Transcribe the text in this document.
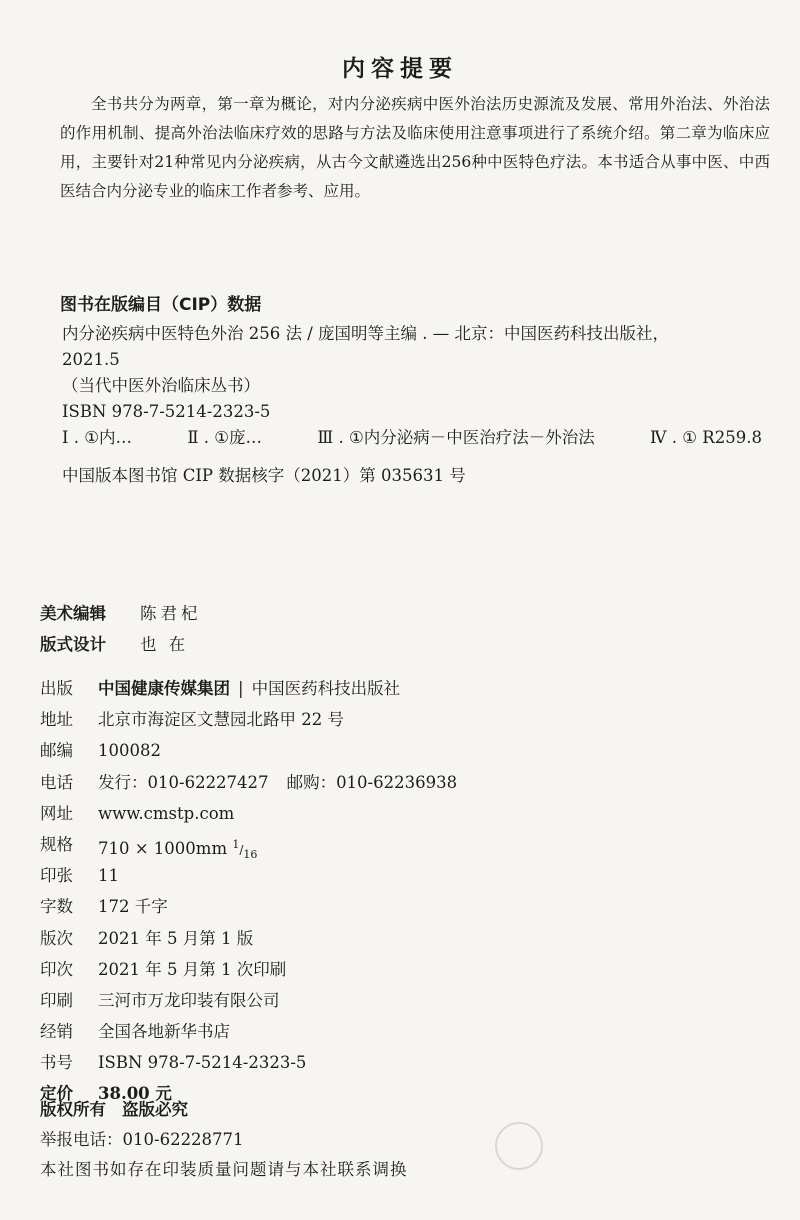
内容提要

全书共分为两章，第一章为概论，对内分泌疾病中医外治法历史源流及发展、常用外治法、外治法的作用机制、提高外治法临床疗效的思路与方法及临床使用注意事项进行了系统介绍。第二章为临床应用，主要针对21种常见内分泌疾病，从古今文献遴选出256种中医特色疗法。本书适合从事中医、中西医结合内分泌专业的临床工作者参考、应用。

图书在版编目（CIP）数据
内分泌疾病中医特色外治 256 法 / 庞国明等主编 . — 北京：中国医药科技出版社，
2021.5
（当代中医外治临床丛书）
ISBN 978-7-5214-2323-5
Ⅰ . ①内…	Ⅱ . ①庞…	Ⅲ . ①内分泌病－中医治疗法－外治法	Ⅳ . ① R259.8
中国版本图书馆 CIP 数据核字（2021）第 035631 号
美术编辑	陈君杞
版式设计	也 在
出版	中国健康传媒集团 | 中国医药科技出版社
地址	北京市海淀区文慧园北路甲 22 号
邮编	100082
电话	发行：010-62227427 邮购：010-62236938
网址	www.cmstp.com
规格	710 × 1000mm $^1/_{16}$
印张	11
字数	172 千字
版次	2021 年 5 月第 1 版
印次	2021 年 5 月第 1 次印刷
印刷	三河市万龙印装有限公司
经销	全国各地新华书店
书号	ISBN 978-7-5214-2323-5
定价	38.00 元
版权所有 盗版必究
举报电话：010-62228771
本社图书如存在印装质量问题请与本社联系调换
